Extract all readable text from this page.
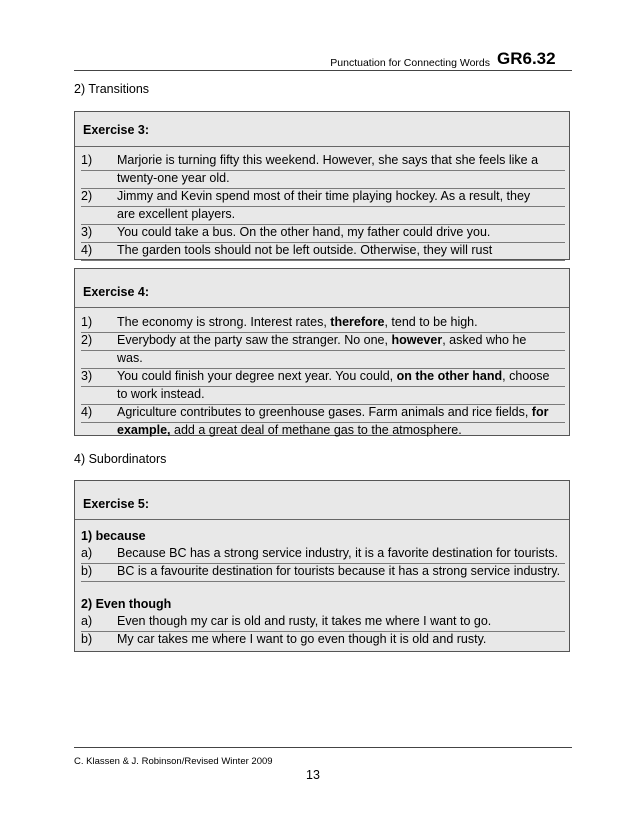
Punctuation for Connecting Words GR6.32
2) Transitions
Exercise 3:
1) Marjorie is turning fifty this weekend. However, she says that she feels like a
twenty-one year old.
2) Jimmy and Kevin spend most of their time playing hockey. As a result, they
are excellent players.
3) You could take a bus. On the other hand, my father could drive you.
4) The garden tools should not be left outside. Otherwise, they will rust
Exercise 4:
1) The economy is strong. Interest rates, therefore, tend to be high.
2) Everybody at the party saw the stranger. No one, however, asked who he
was.
3) You could finish your degree next year. You could, on the other hand, choose
to work instead.
4) Agriculture contributes to greenhouse gases. Farm animals and rice fields, for
example, add a great deal of methane gas to the atmosphere.
4) Subordinators
Exercise 5:
1) because
a) Because BC has a strong service industry, it is a favorite destination for tourists.
b) BC is a favourite destination for tourists because it has a strong service industry.
2) Even though
a) Even though my car is old and rusty, it takes me where I want to go.
b) My car takes me where I want to go even though it is old and rusty.
C. Klassen & J. Robinson/Revised Winter 2009
13
